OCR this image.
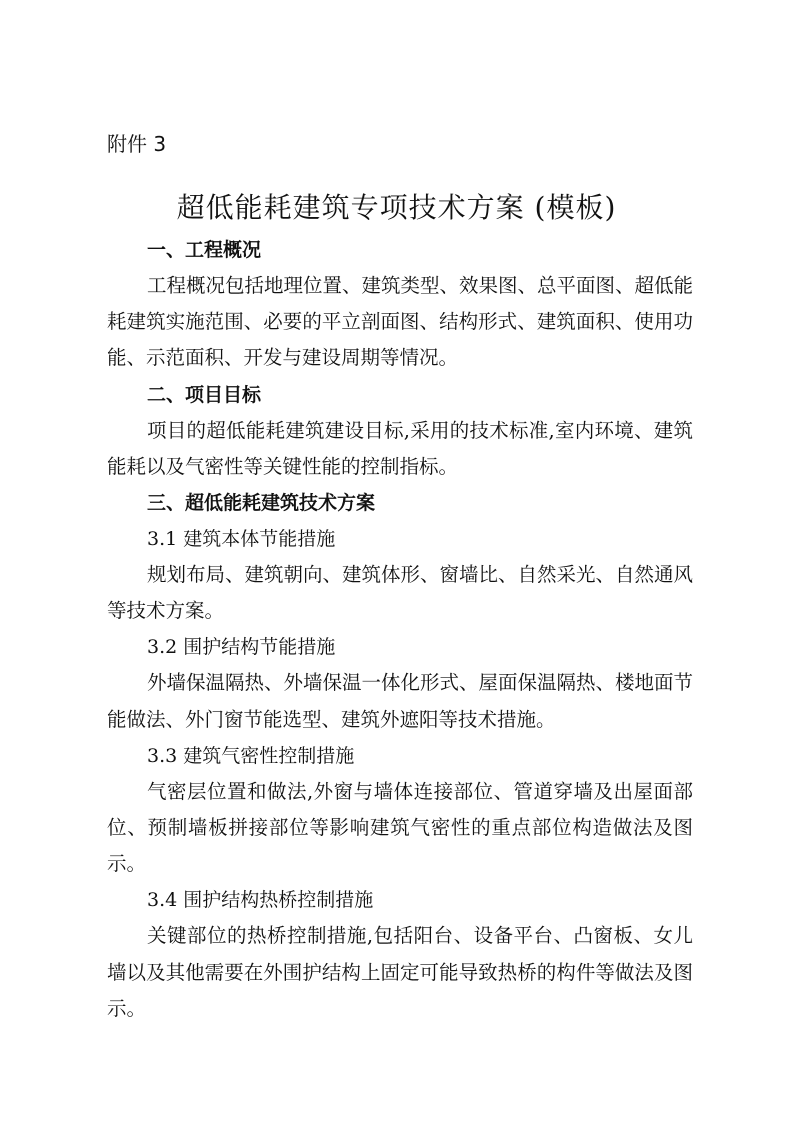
附件 3
超低能耗建筑专项技术方案 (模板)
一、工程概况
工程概况包括地理位置、建筑类型、效果图、总平面图、超低能耗建筑实施范围、必要的平立剖面图、结构形式、建筑面积、使用功能、示范面积、开发与建设周期等情况。
二、项目目标
项目的超低能耗建筑建设目标,采用的技术标准,室内环境、建筑能耗以及气密性等关键性能的控制指标。
三、超低能耗建筑技术方案
3.1 建筑本体节能措施
规划布局、建筑朝向、建筑体形、窗墙比、自然采光、自然通风等技术方案。
3.2 围护结构节能措施
外墙保温隔热、外墙保温一体化形式、屋面保温隔热、楼地面节能做法、外门窗节能选型、建筑外遮阳等技术措施。
3.3 建筑气密性控制措施
气密层位置和做法,外窗与墙体连接部位、管道穿墙及出屋面部位、预制墙板拼接部位等影响建筑气密性的重点部位构造做法及图示。
3.4 围护结构热桥控制措施
关键部位的热桥控制措施,包括阳台、设备平台、凸窗板、女儿墙以及其他需要在外围护结构上固定可能导致热桥的构件等做法及图示。
